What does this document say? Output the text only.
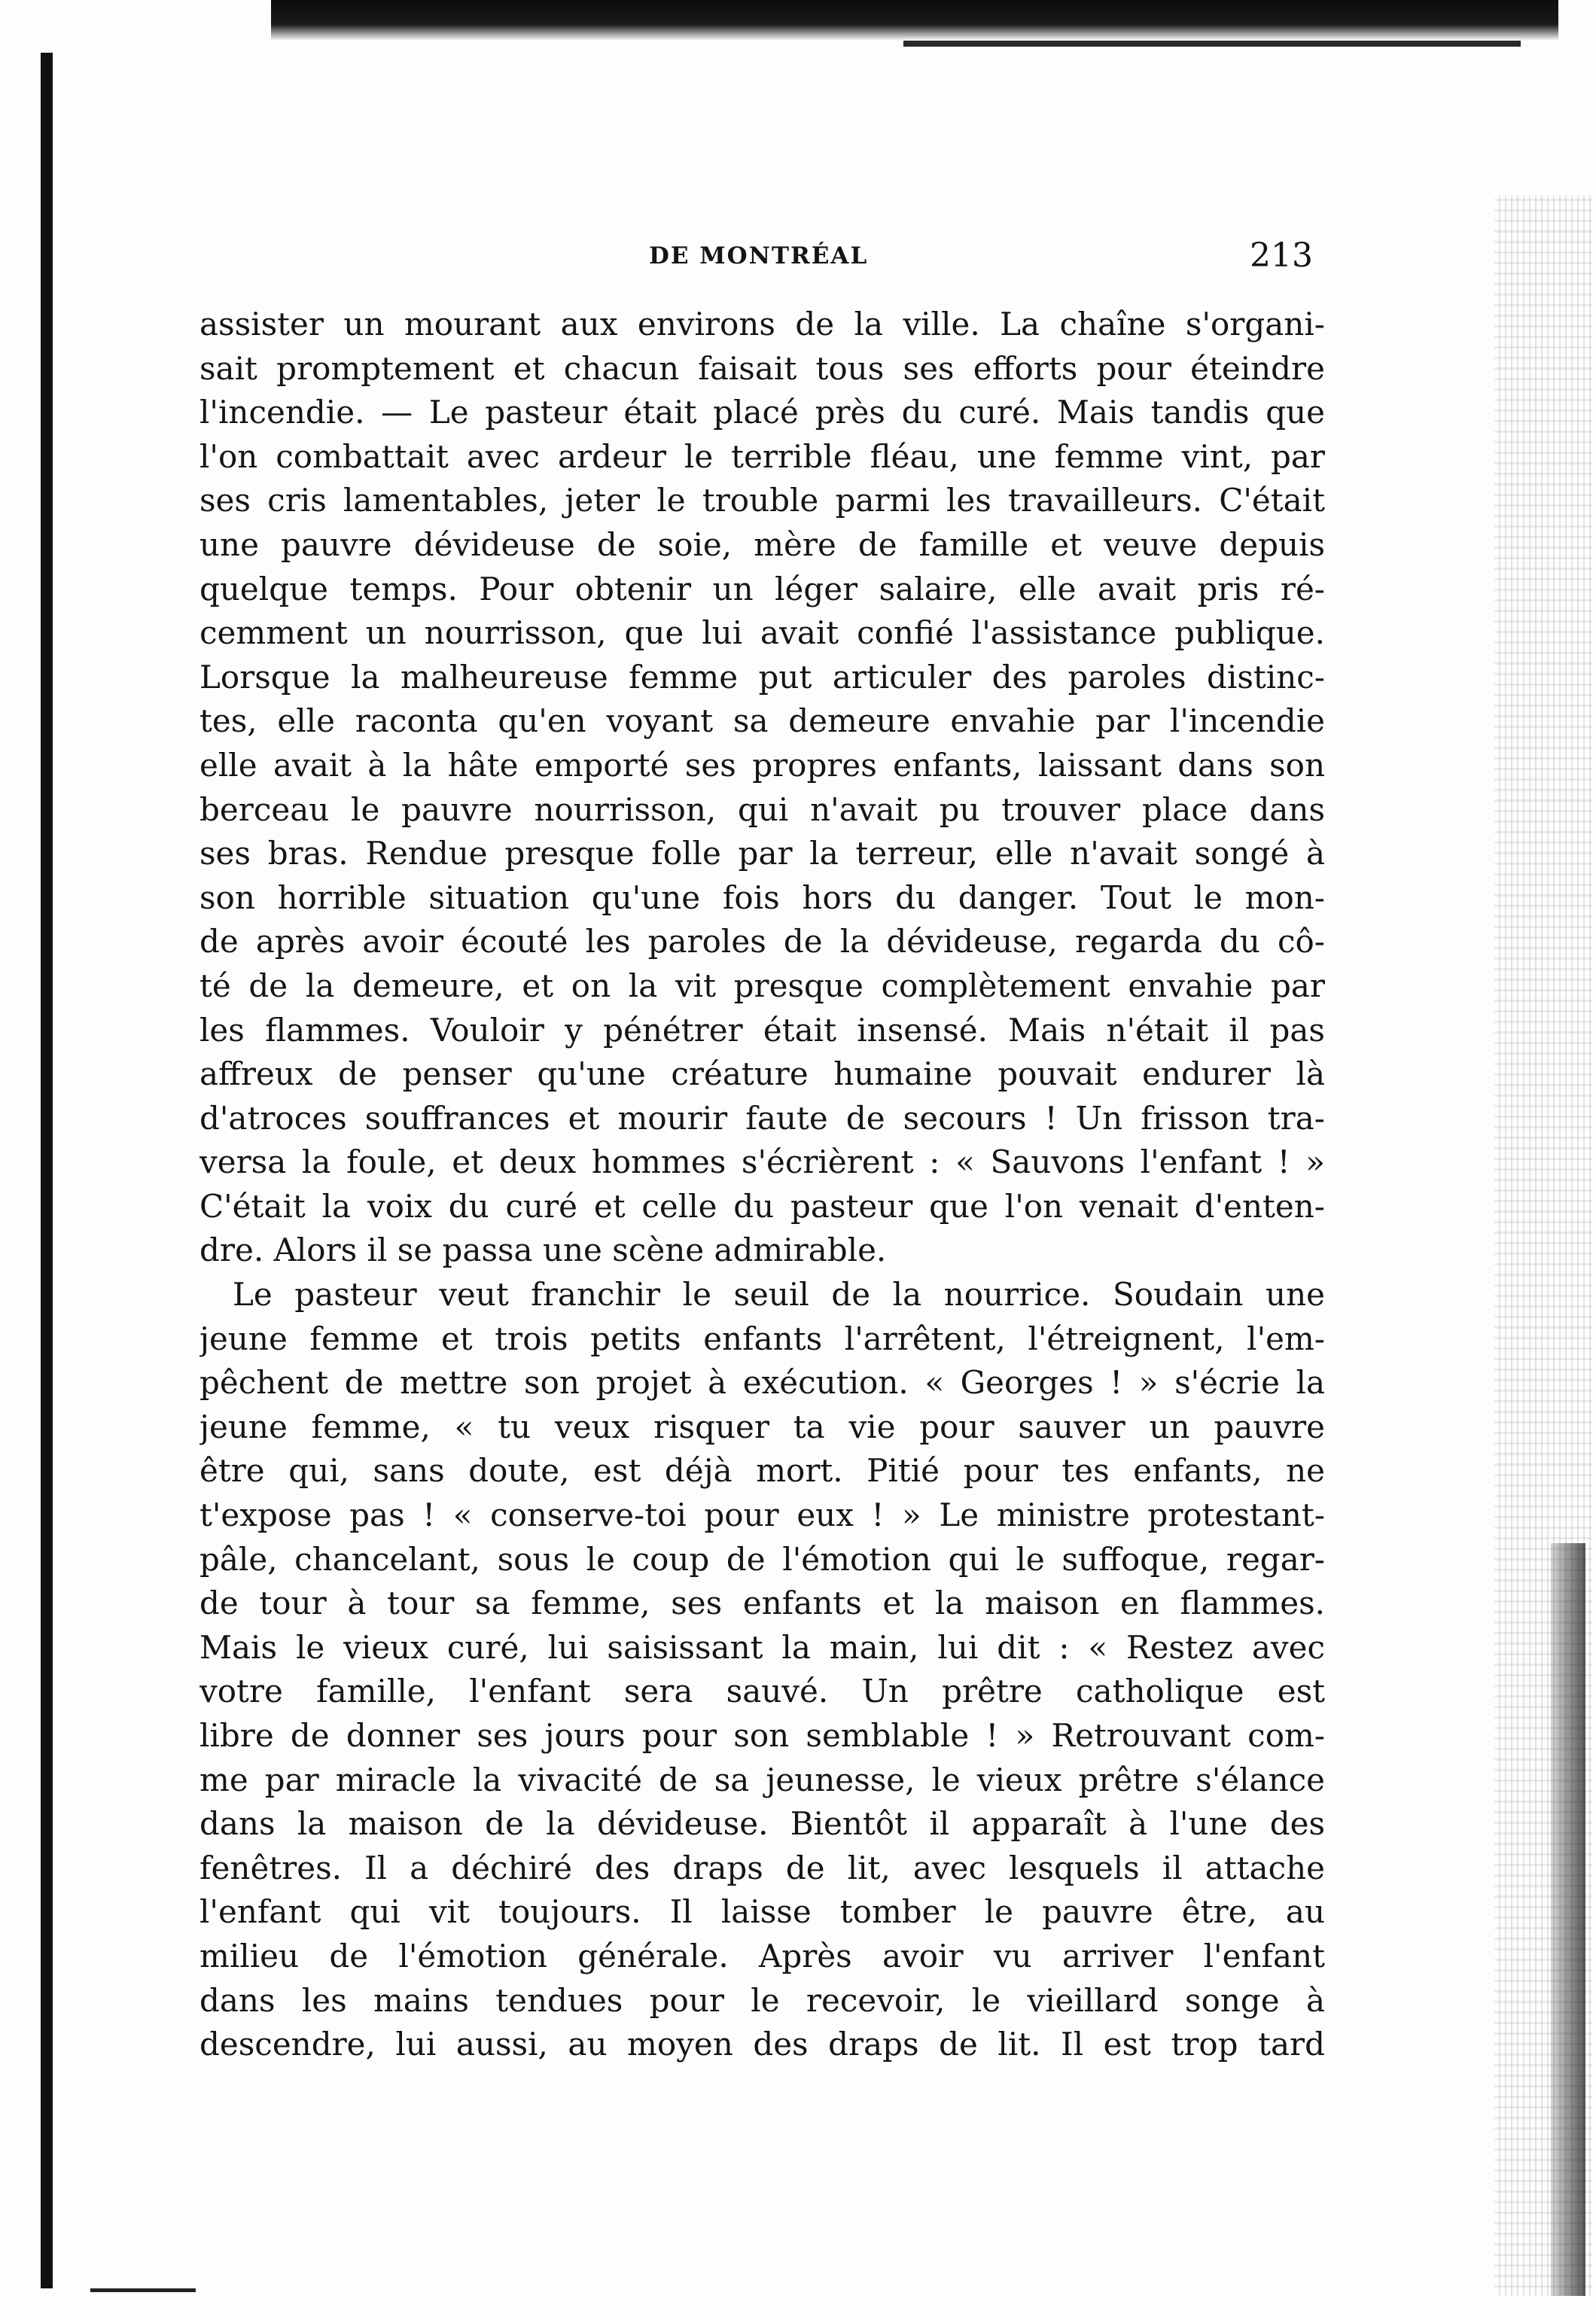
DE MONTRÉAL	213

assister un mourant aux environs de la ville. La chaîne s'organi-
sait promptement et chacun faisait tous ses efforts pour éteindre
l'incendie. — Le pasteur était placé près du curé. Mais tandis que
l'on combattait avec ardeur le terrible fléau, une femme vint, par
ses cris lamentables, jeter le trouble parmi les travailleurs. C'était
une pauvre dévideuse de soie, mère de famille et veuve depuis
quelque temps. Pour obtenir un léger salaire, elle avait pris ré-
cemment un nourrisson, que lui avait confié l'assistance publique.
Lorsque la malheureuse femme put articuler des paroles distinc-
tes, elle raconta qu'en voyant sa demeure envahie par l'incendie
elle avait à la hâte emporté ses propres enfants, laissant dans son
berceau le pauvre nourrisson, qui n'avait pu trouver place dans
ses bras. Rendue presque folle par la terreur, elle n'avait songé à
son horrible situation qu'une fois hors du danger. Tout le mon-
de après avoir écouté les paroles de la dévideuse, regarda du cô-
té de la demeure, et on la vit presque complètement envahie par
les flammes. Vouloir y pénétrer était insensé. Mais n'était il pas
affreux de penser qu'une créature humaine pouvait endurer là
d'atroces souffrances et mourir faute de secours ! Un frisson tra-
versa la foule, et deux hommes s'écrièrent : « Sauvons l'enfant ! »
C'était la voix du curé et celle du pasteur que l'on venait d'enten-
dre. Alors il se passa une scène admirable.
Le pasteur veut franchir le seuil de la nourrice. Soudain une
jeune femme et trois petits enfants l'arrêtent, l'étreignent, l'em-
pêchent de mettre son projet à exécution. « Georges ! » s'écrie la
jeune femme, « tu veux risquer ta vie pour sauver un pauvre
être qui, sans doute, est déjà mort. Pitié pour tes enfants, ne
t'expose pas ! « conserve-toi pour eux ! » Le ministre protestant-
pâle, chancelant, sous le coup de l'émotion qui le suffoque, regar-
de tour à tour sa femme, ses enfants et la maison en flammes.
Mais le vieux curé, lui saisissant la main, lui dit : « Restez avec
votre famille, l'enfant sera sauvé. Un prêtre catholique est
libre de donner ses jours pour son semblable ! » Retrouvant com-
me par miracle la vivacité de sa jeunesse, le vieux prêtre s'élance
dans la maison de la dévideuse. Bientôt il apparaît à l'une des
fenêtres. Il a déchiré des draps de lit, avec lesquels il attache
l'enfant qui vit toujours. Il laisse tomber le pauvre être, au
milieu de l'émotion générale. Après avoir vu arriver l'enfant
dans les mains tendues pour le recevoir, le vieillard songe à
descendre, lui aussi, au moyen des draps de lit. Il est trop tard
